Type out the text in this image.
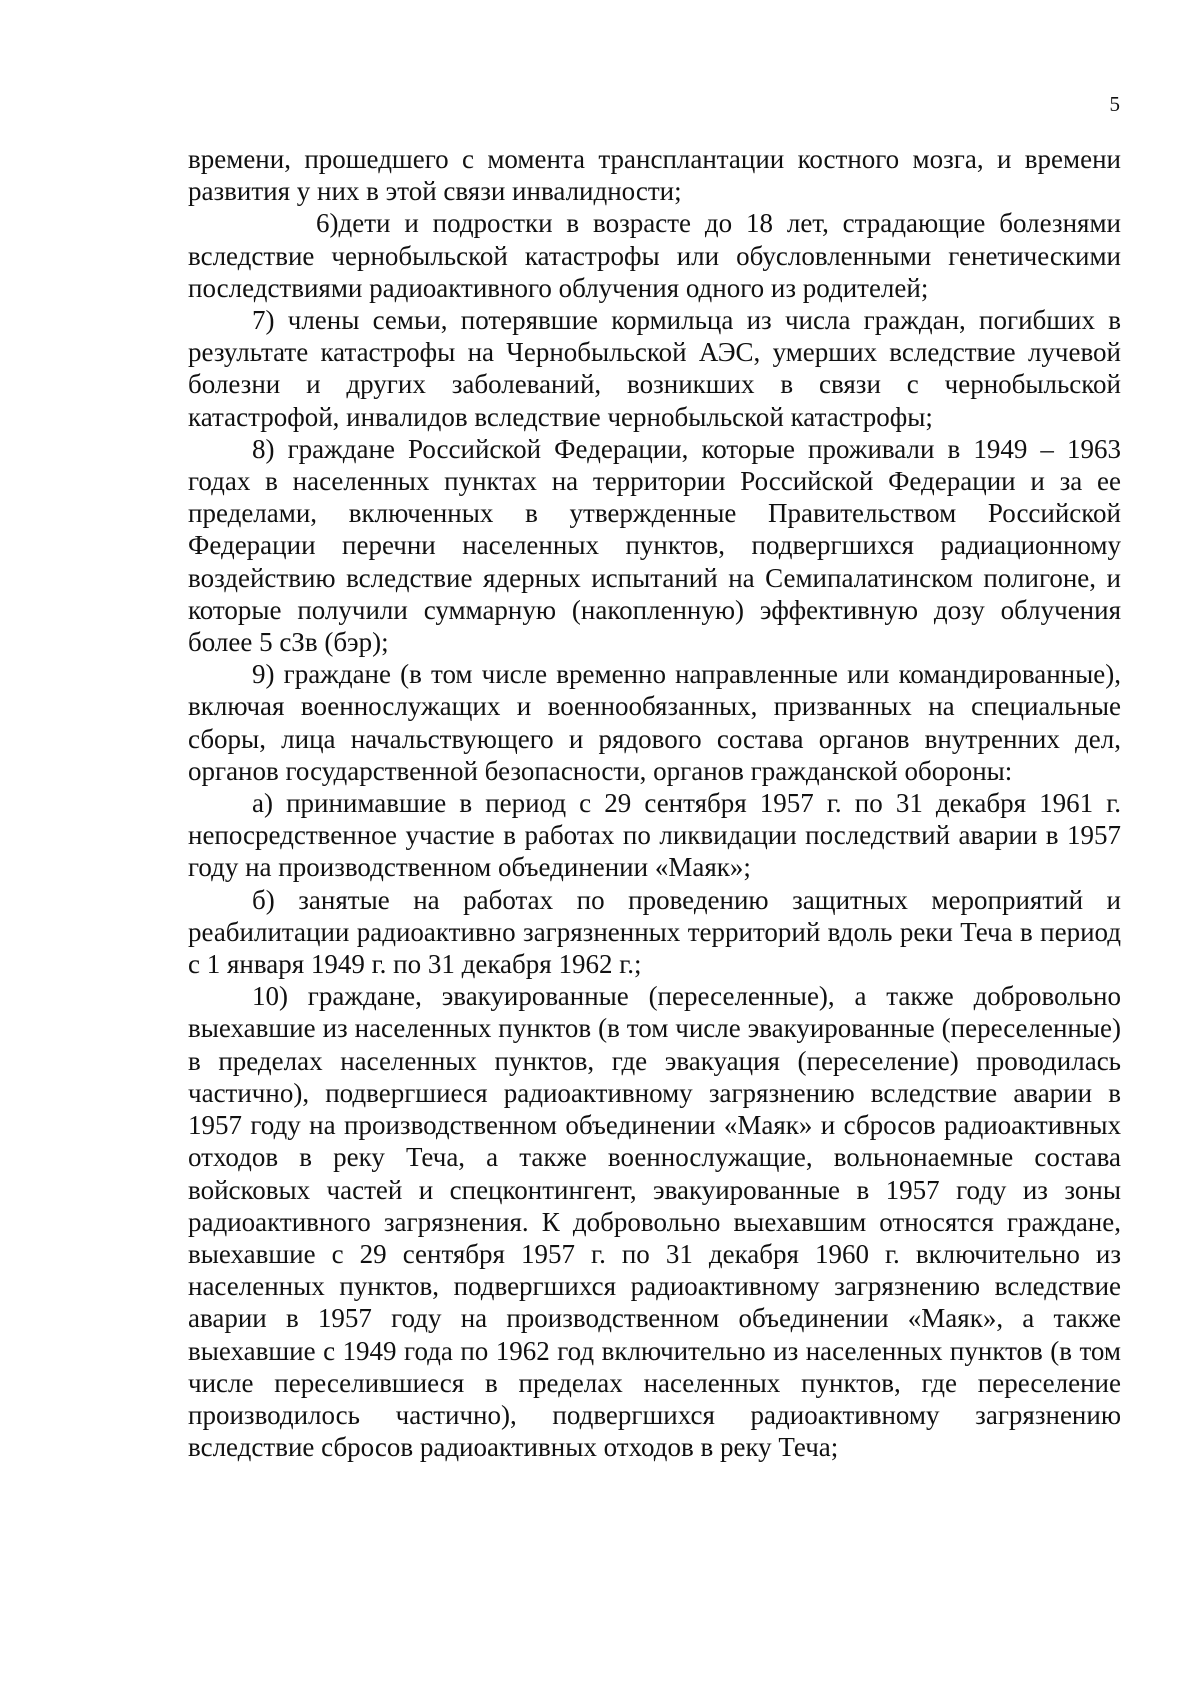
5

времени, прошедшего с момента трансплантации костного мозга, и времени развития у них в этой связи инвалидности;

6)дети и подростки в возрасте до 18 лет, страдающие болезнями вследствие чернобыльской катастрофы или обусловленными генетическими последствиями радиоактивного облучения одного из родителей;

7) члены семьи, потерявшие кормильца из числа граждан, погибших в результате катастрофы на Чернобыльской АЭС, умерших вследствие лучевой болезни и других заболеваний, возникших в связи с чернобыльской катастрофой, инвалидов вследствие чернобыльской катастрофы;

8) граждане Российской Федерации, которые проживали в 1949 – 1963 годах в населенных пунктах на территории Российской Федерации и за ее пределами, включенных в утвержденные Правительством Российской Федерации перечни населенных пунктов, подвергшихся радиационному воздействию вследствие ядерных испытаний на Семипалатинском полигоне, и которые получили суммарную (накопленную) эффективную дозу облучения более 5 сЗв (бэр);

9) граждане (в том числе временно направленные или командированные), включая военнослужащих и военнообязанных, призванных на специальные сборы, лица начальствующего и рядового состава органов внутренних дел, органов государственной безопасности, органов гражданской обороны:

а) принимавшие в период с 29 сентября 1957 г. по 31 декабря 1961 г. непосредственное участие в работах по ликвидации последствий аварии в 1957 году на производственном объединении «Маяк»;

б) занятые на работах по проведению защитных мероприятий и реабилитации радиоактивно загрязненных территорий вдоль реки Теча в период с 1 января 1949 г. по 31 декабря 1962 г.;

10) граждане, эвакуированные (переселенные), а также добровольно выехавшие из населенных пунктов (в том числе эвакуированные (переселенные) в пределах населенных пунктов, где эвакуация (переселение) проводилась частично), подвергшиеся радиоактивному загрязнению вследствие аварии в 1957 году на производственном объединении «Маяк» и сбросов радиоактивных отходов в реку Теча, а также военнослужащие, вольнонаемные состава войсковых частей и спецконтингент, эвакуированные в 1957 году из зоны радиоактивного загрязнения. К добровольно выехавшим относятся граждане, выехавшие с 29 сентября 1957 г. по 31 декабря 1960 г. включительно из населенных пунктов, подвергшихся радиоактивному загрязнению вследствие аварии в 1957 году на производственном объединении «Маяк», а также выехавшие с 1949 года по 1962 год включительно из населенных пунктов (в том числе переселившиеся в пределах населенных пунктов, где переселение производилось частично), подвергшихся радиоактивному загрязнению вследствие сбросов радиоактивных отходов в реку Теча;
